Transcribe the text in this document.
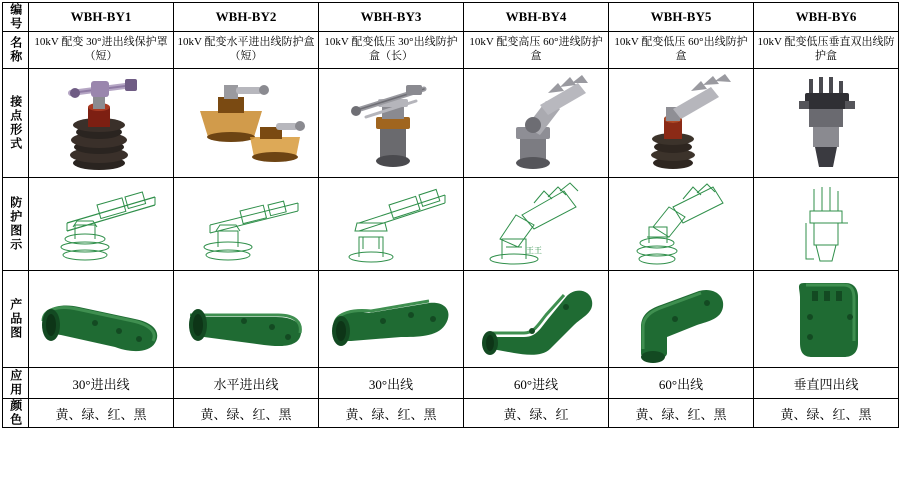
编号	WBH-BY1	WBH-BY2	WBH-BY3	WBH-BY4	WBH-BY5	WBH-BY6

名称	10kV 配变 30°进出线保护罩（短）	10kV 配变水平进出线防护盒（短）	10kV 配变低压 30°出线防护盒（长）	10kV 配变高压 60°进线防护盒	10kV 配变低压 60°出线防护盒	10kV 配变低压垂直双出线防护盒

接点形式

防护图示				王王

产品图

应用	30°进出线	水平进出线	30°出线	60°进线	60°出线	垂直四出线

颜色	黄、绿、红、黑	黄、绿、红、黑	黄、绿、红、黑	黄、绿、红	黄、绿、红、黑	黄、绿、红、黑
